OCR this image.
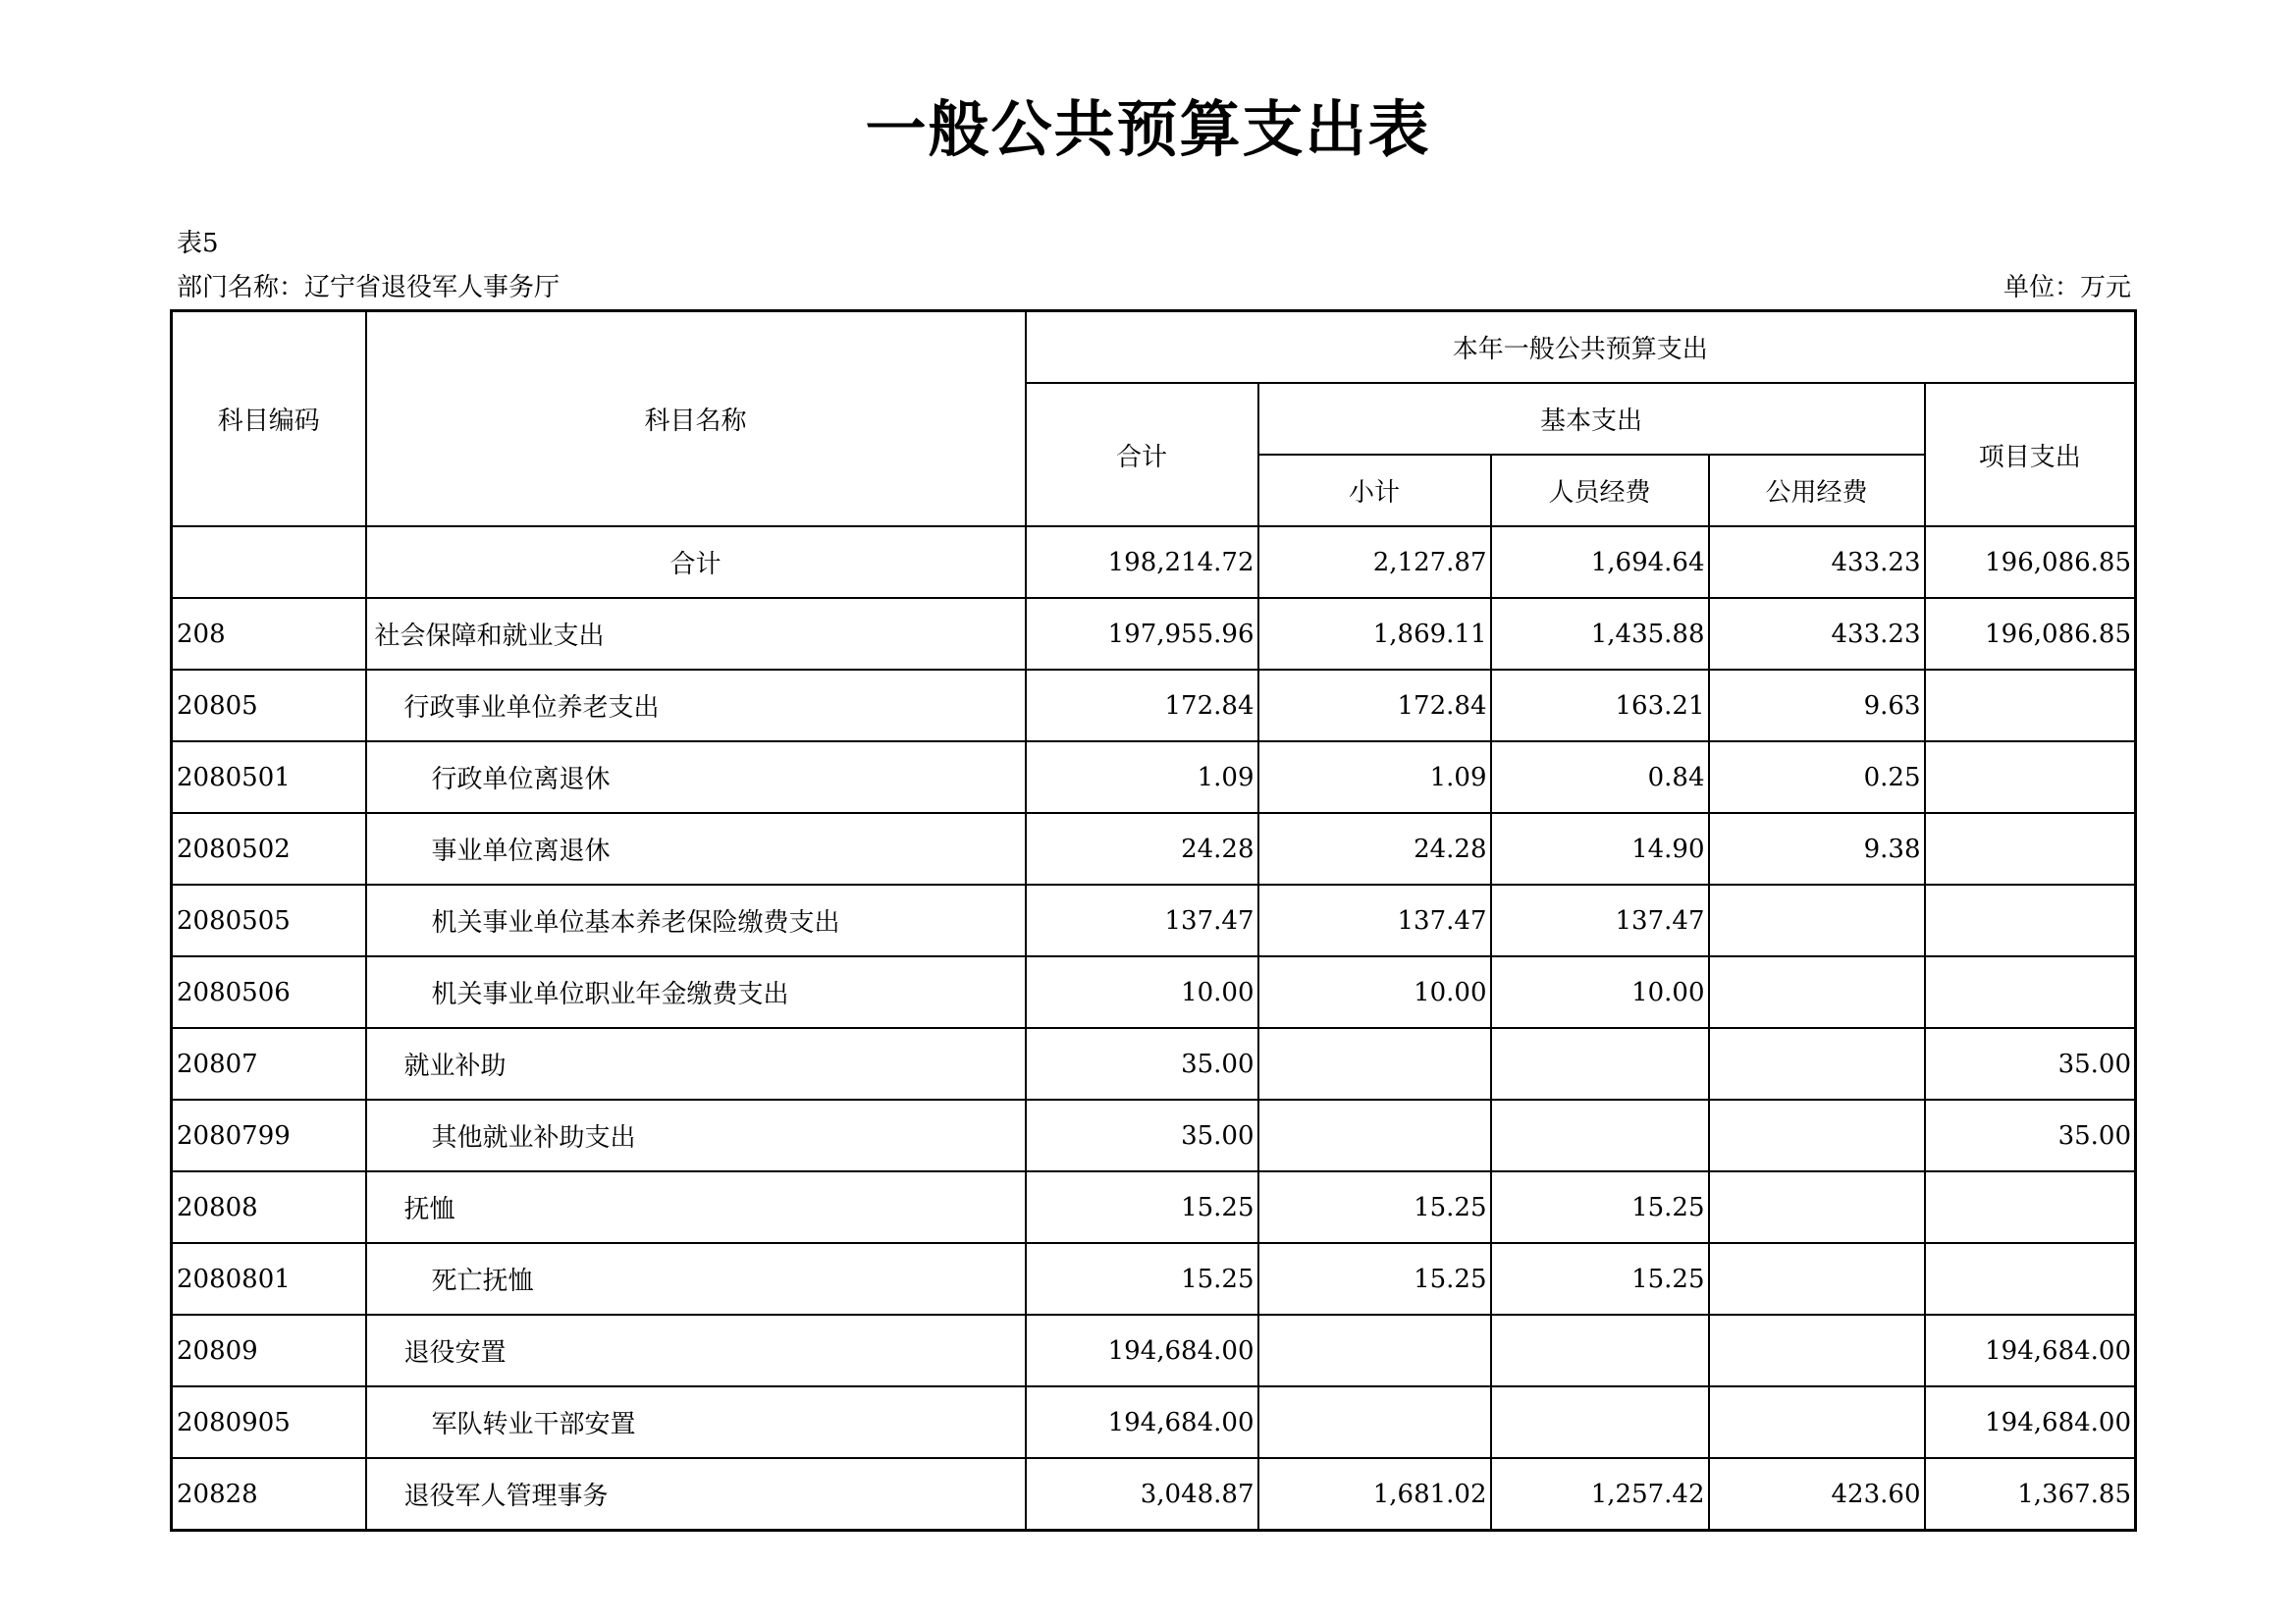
一般公共预算支出表
表5
部门名称：辽宁省退役军人事务厅	单位：万元
科目编码	科目名称	本年一般公共预算支出				
		合计	基本支出			项目支出
			小计	人员经费	公用经费	
	合计	198,214.72	2,127.87	1,694.64	433.23	196,086.85
208	社会保障和就业支出	197,955.96	1,869.11	1,435.88	433.23	196,086.85
20805	行政事业单位养老支出	172.84	172.84	163.21	9.63	
2080501	行政单位离退休	1.09	1.09	0.84	0.25	
2080502	事业单位离退休	24.28	24.28	14.90	9.38	
2080505	机关事业单位基本养老保险缴费支出	137.47	137.47	137.47		
2080506	机关事业单位职业年金缴费支出	10.00	10.00	10.00		
20807	就业补助	35.00				35.00
2080799	其他就业补助支出	35.00				35.00
20808	抚恤	15.25	15.25	15.25		
2080801	死亡抚恤	15.25	15.25	15.25		
20809	退役安置	194,684.00				194,684.00
2080905	军队转业干部安置	194,684.00				194,684.00
20828	退役军人管理事务	3,048.87	1,681.02	1,257.42	423.60	1,367.85
